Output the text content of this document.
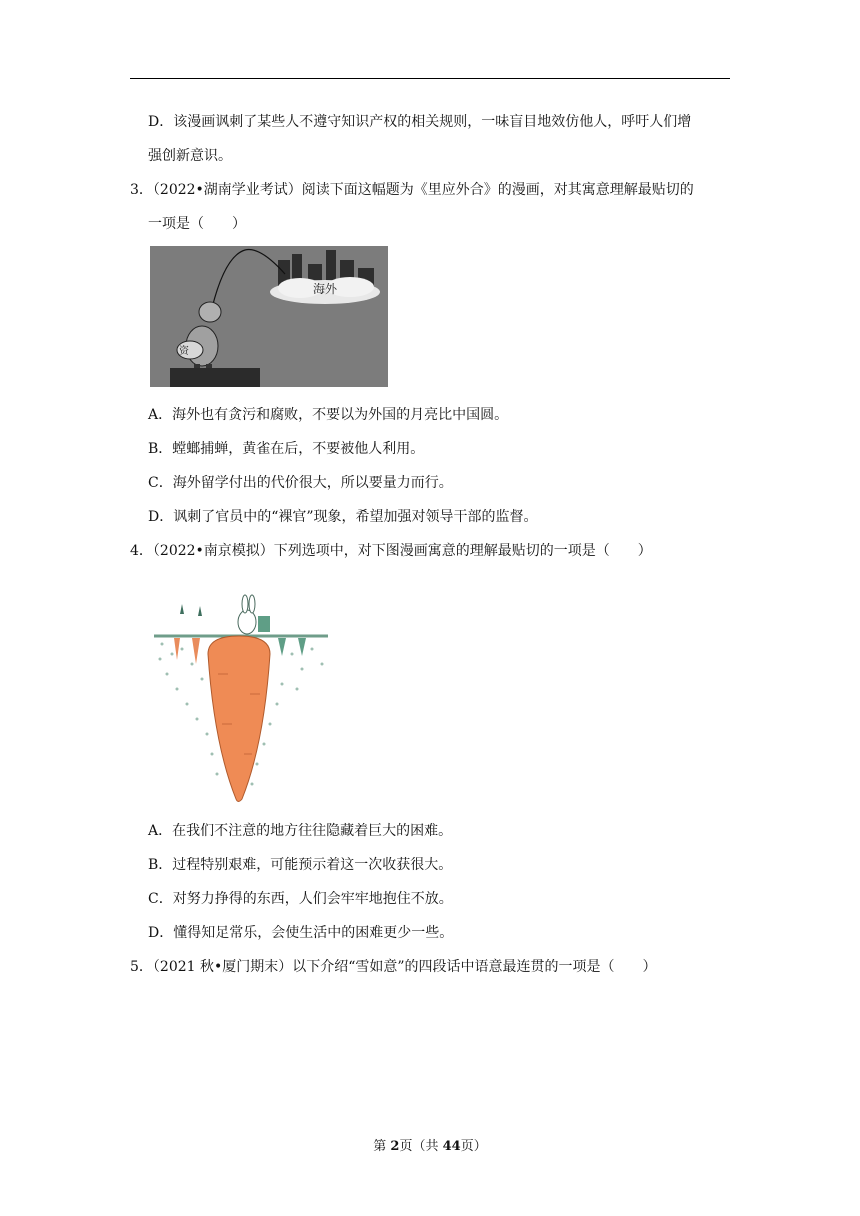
D．该漫画讽刺了某些人不遵守知识产权的相关规则，一味盲目地效仿他人，呼吁人们增
强创新意识。
3．（2022•湖南学业考试）阅读下面这幅题为《里应外合》的漫画，对其寓意理解最贴切的
一项是（　　）
海外
资
A．海外也有贪污和腐败，不要以为外国的月亮比中国圆。
B．螳螂捕蝉，黄雀在后，不要被他人利用。
C．海外留学付出的代价很大，所以要量力而行。
D．讽刺了官员中的“裸官”现象，希望加强对领导干部的监督。
4．（2022•南京模拟）下列选项中，对下图漫画寓意的理解最贴切的一项是（　　）
A．在我们不注意的地方往往隐藏着巨大的困难。
B．过程特别艰难，可能预示着这一次收获很大。
C．对努力挣得的东西，人们会牢牢地抱住不放。
D．懂得知足常乐，会使生活中的困难更少一些。
5．（2021 秋•厦门期末）以下介绍“雪如意”的四段话中语意最连贯的一项是（　　）
第 2页（共 44页）
